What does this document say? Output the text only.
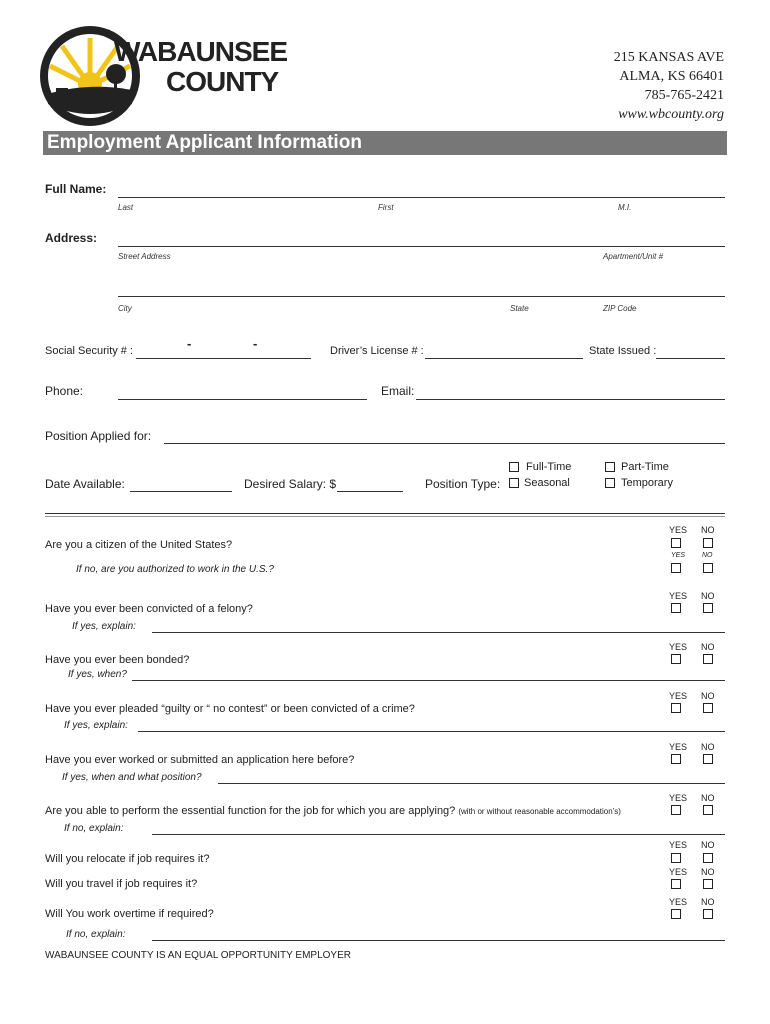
WABAUNSEE
COUNTY
215 KANSAS AVE
ALMA, KS 66401
785-765-2421
www.wbcounty.org
Employment Applicant Information
Full Name:
Last	First	M.I.
Address:
Street Address	Apartment/Unit #
City	State	ZIP Code
Social Security # :	-	-	Driver’s License # :	State Issued :
Phone:	Email:
Position Applied for:
Date Available:	Desired Salary: $	Position Type:
Full-Time
Seasonal
Part-Time
Temporary
YES NO
Are you a citizen of the United States?
YES NO
If no, are you authorized to work in the U.S.?
YES NO
Have you ever been convicted of a felony?
If yes, explain:
YES NO
Have you ever been bonded?
If yes, when?
YES NO
Have you ever pleaded “guilty or “ no contest” or been convicted of a crime?
If yes, explain:
YES NO
Have you ever worked or submitted an application here before?
If yes, when and what position?
YES NO
Are you able to perform the essential function for the job for which you are applying? (with or without reasonable accommodation’s)
If no, explain:
YES NO
Will you relocate if job requires it?
YES NO
Will you travel if job requires it?
YES NO
Will You work overtime if required?
If no, explain:
WABAUNSEE COUNTY IS AN EQUAL OPPORTUNITY EMPLOYER
